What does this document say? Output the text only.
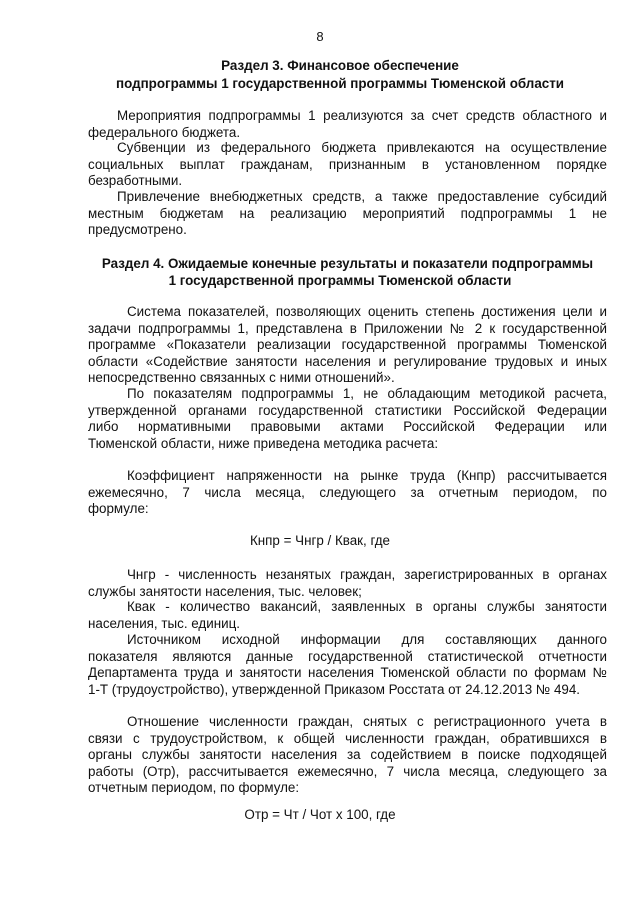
8
Раздел 3. Финансовое обеспечение
подпрограммы 1 государственной программы Тюменской области
Мероприятия подпрограммы 1 реализуются за счет средств областного и
федерального бюджета.
Субвенции из федерального бюджета привлекаются на осуществление
социальных выплат гражданам, признанным в установленном порядке
безработными.
Привлечение внебюджетных средств, а также предоставление субсидий
местным бюджетам на реализацию мероприятий подпрограммы 1 не
предусмотрено.
Раздел 4. Ожидаемые конечные результаты и показатели подпрограммы
1 государственной программы Тюменской области
Система показателей, позволяющих оценить степень достижения цели и
задачи подпрограммы 1, представлена в Приложении № 2 к государственной
программе «Показатели реализации государственной программы Тюменской
области «Содействие занятости населения и регулирование трудовых и иных
непосредственно связанных с ними отношений».
По показателям подпрограммы 1, не обладающим методикой расчета,
утвержденной органами государственной статистики Российской Федерации
либо нормативными правовыми актами Российской Федерации или
Тюменской области, ниже приведена методика расчета:
Коэффициент напряженности на рынке труда (Кнпр) рассчитывается
ежемесячно, 7 числа месяца, следующего за отчетным периодом, по
формуле:
Кнпр = Чнгр / Квак, где
Чнгр - численность незанятых граждан, зарегистрированных в органах
службы занятости населения, тыс. человек;
Квак - количество вакансий, заявленных в органы службы занятости
населения, тыс. единиц.
Источником исходной информации для составляющих данного
показателя являются данные государственной статистической отчетности
Департамента труда и занятости населения Тюменской области по формам №
1-Т (трудоустройство), утвержденной Приказом Росстата от 24.12.2013 № 494.
Отношение численности граждан, снятых с регистрационного учета в
связи с трудоустройством, к общей численности граждан, обратившихся в
органы службы занятости населения за содействием в поиске подходящей
работы (Отр), рассчитывается ежемесячно, 7 числа месяца, следующего за
отчетным периодом, по формуле:
Отр = Чт / Чот х 100, где
